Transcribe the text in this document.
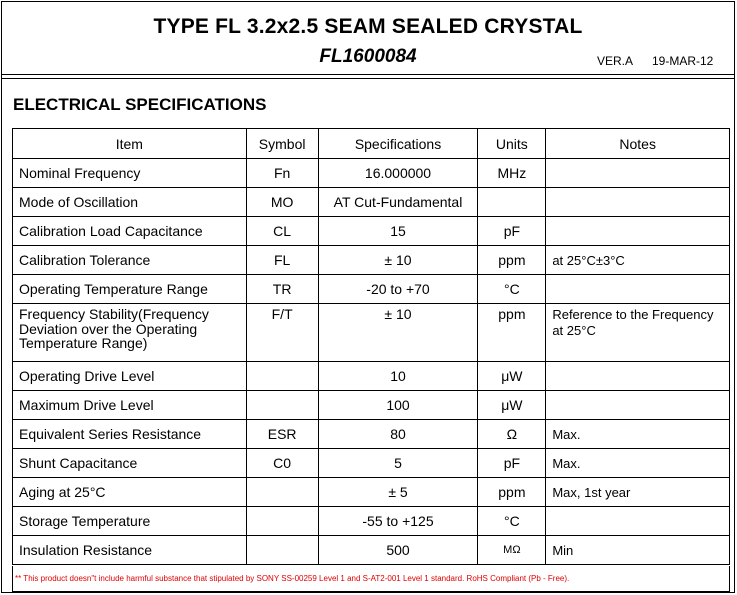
TYPE FL 3.2x2.5 SEAM SEALED CRYSTAL
FL1600084	VER.A 19-MAR-12
ELECTRICAL SPECIFICATIONS
Item	Symbol	Specifications	Units	Notes
Nominal Frequency	Fn	16.000000	MHz	
Mode of Oscillation	MO	AT Cut-Fundamental		
Calibration Load Capacitance	CL	15	pF	
Calibration Tolerance	FL	± 10	ppm	at 25°C±3°C
Operating Temperature Range	TR	-20 to +70	°C	
Frequency Stability(Frequency Deviation over the Operating Temperature Range)	F/T	± 10	ppm	Reference to the Frequency at 25°C
Operating Drive Level		10	μW	
Maximum Drive Level		100	μW	
Equivalent Series Resistance	ESR	80	Ω	Max.
Shunt Capacitance	C0	5	pF	Max.
Aging at 25°C		± 5	ppm	Max, 1st year
Storage Temperature		-55 to +125	°C	
Insulation Resistance		500	MΩ	Min
** This product doesn"t include harmful substance that stipulated by SONY SS-00259 Level 1 and S-AT2-001 Level 1 standard. RoHS Compliant (Pb - Free).
